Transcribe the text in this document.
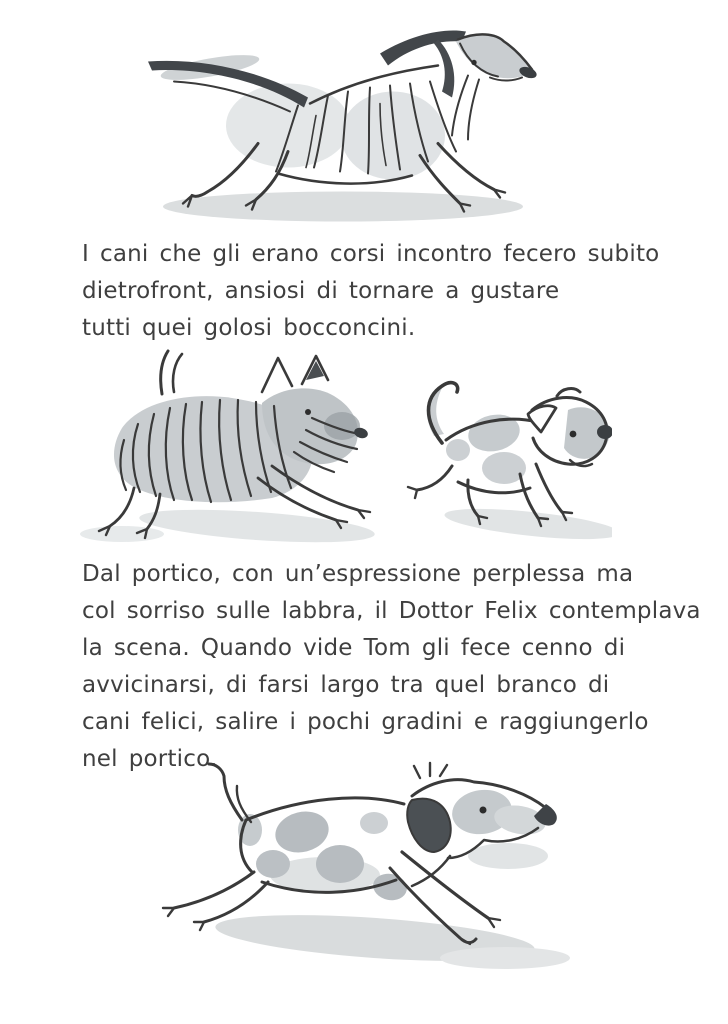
I cani che gli erano corsi incontro fecero subito
dietrofront, ansiosi di tornare a gustare
tutti quei golosi bocconcini.

Dal portico, con un’espressione perplessa ma
col sorriso sulle labbra, il Dottor Felix contemplava
la scena. Quando vide Tom gli fece cenno di
avvicinarsi, di farsi largo tra quel branco di
cani felici, salire i pochi gradini e raggiungerlo
nel portico.
